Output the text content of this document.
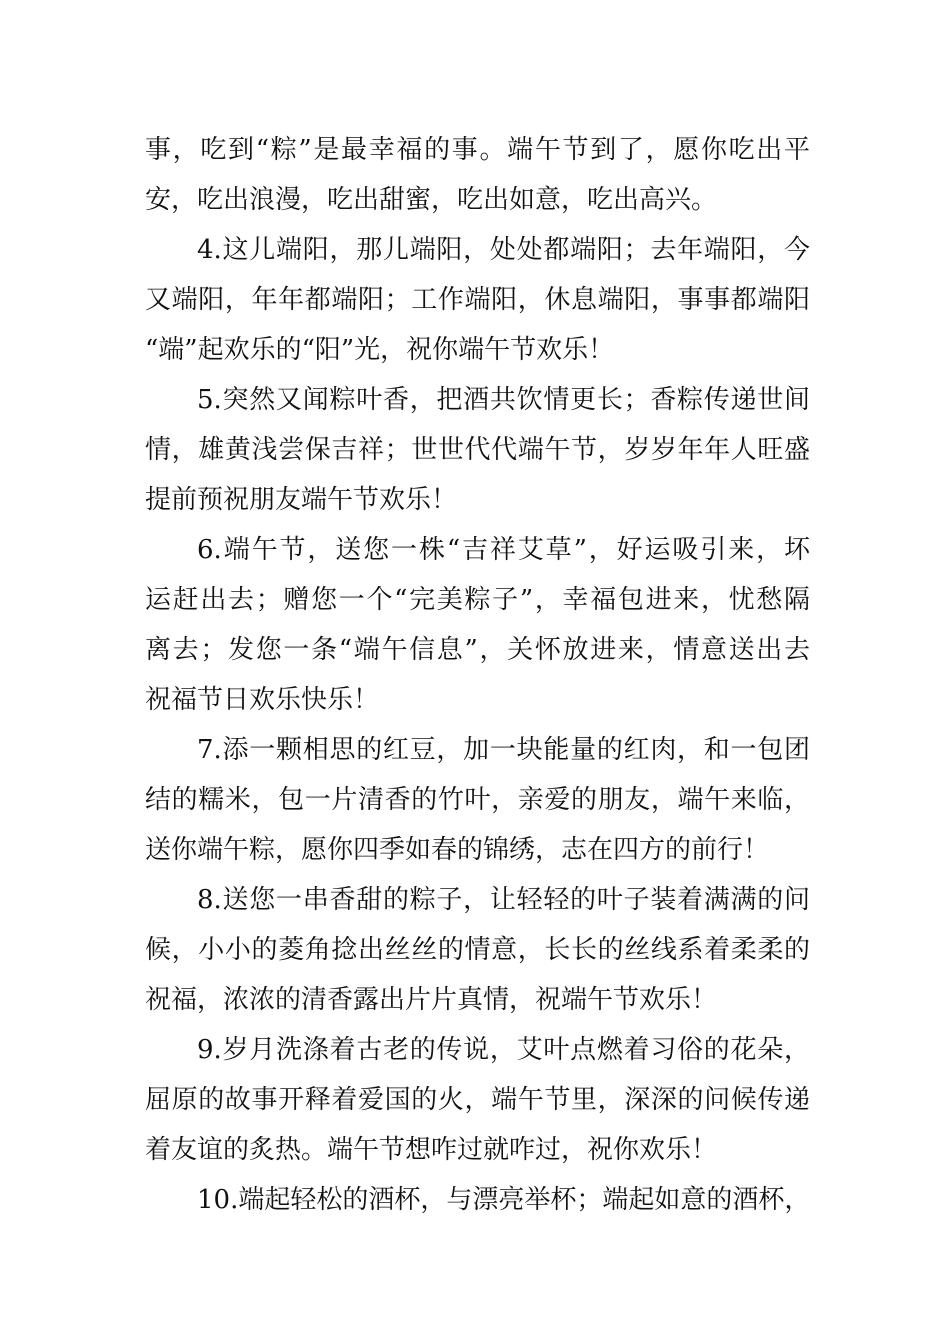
事，吃到“粽”是最幸福的事。端午节到了，愿你吃出平
安，吃出浪漫，吃出甜蜜，吃出如意，吃出高兴。
4.这儿端阳，那儿端阳，处处都端阳；去年端阳，今
又端阳，年年都端阳；工作端阳，休息端阳，事事都端阳
“端”起欢乐的“阳”光，祝你端午节欢乐！
5.突然又闻粽叶香，把酒共饮情更长；香粽传递世间
情，雄黄浅尝保吉祥；世世代代端午节，岁岁年年人旺盛
提前预祝朋友端午节欢乐！
6.端午节，送您一株“吉祥艾草”，好运吸引来，坏
运赶出去；赠您一个“完美粽子”，幸福包进来，忧愁隔
离去；发您一条“端午信息”，关怀放进来，情意送出去
祝福节日欢乐快乐！
7.添一颗相思的红豆，加一块能量的红肉，和一包团
结的糯米，包一片清香的竹叶，亲爱的朋友，端午来临，
送你端午粽，愿你四季如春的锦绣，志在四方的前行！
8.送您一串香甜的粽子，让轻轻的叶子装着满满的问
候，小小的菱角捻出丝丝的情意，长长的丝线系着柔柔的
祝福，浓浓的清香露出片片真情，祝端午节欢乐！
9.岁月洗涤着古老的传说，艾叶点燃着习俗的花朵，
屈原的故事开释着爱国的火，端午节里，深深的问候传递
着友谊的炙热。端午节想咋过就咋过，祝你欢乐！
10.端起轻松的酒杯，与漂亮举杯；端起如意的酒杯，
